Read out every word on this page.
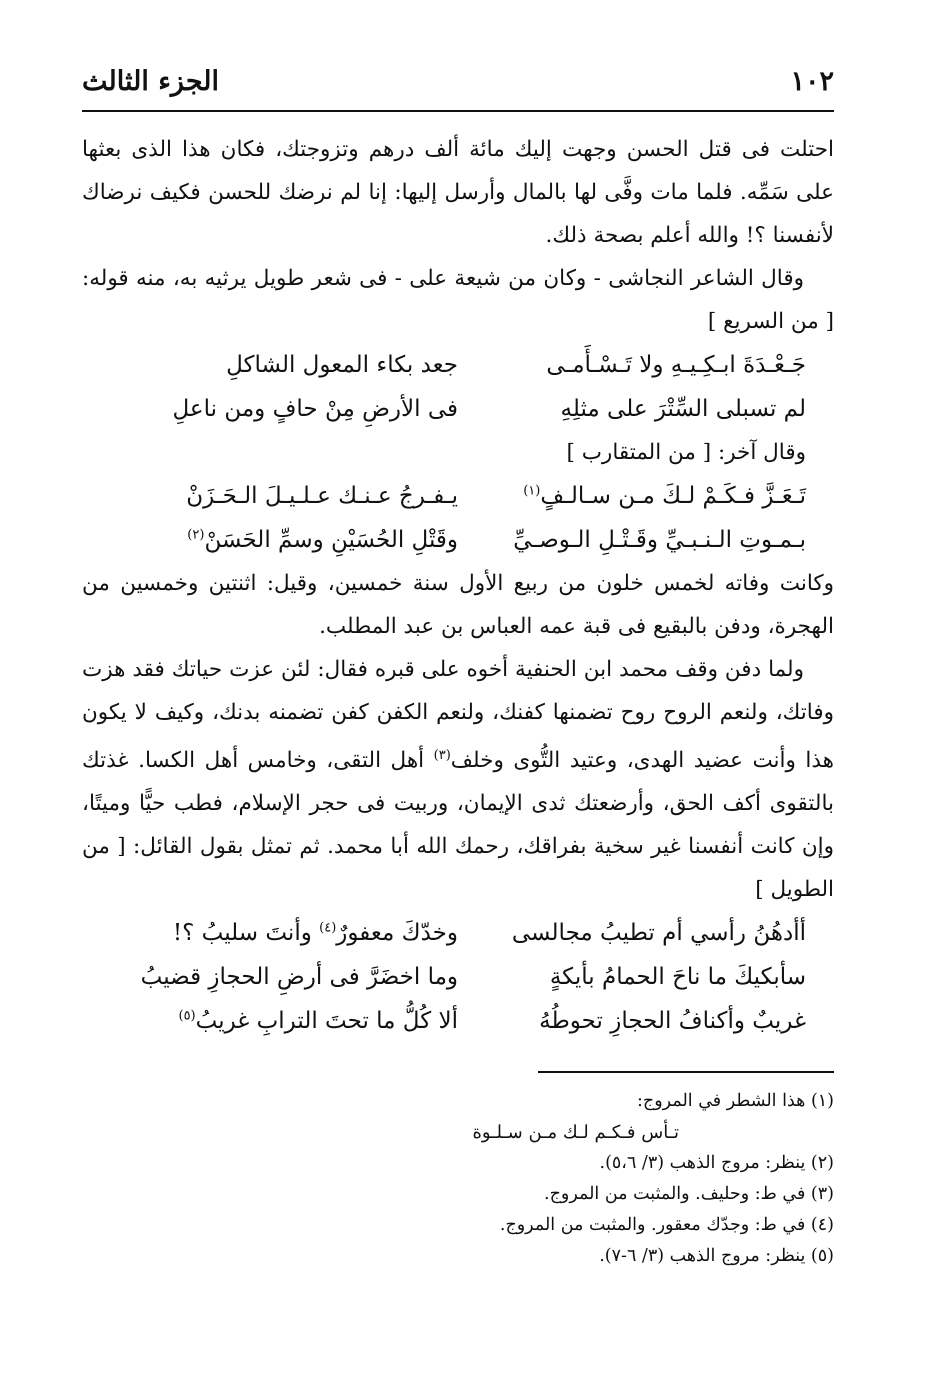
١٠٢
الجزء الثالث

احتلت فى قتل الحسن وجهت إليك مائة ألف درهم وتزوجتك، فكان هذا الذى بعثها على سَمِّه. فلما مات وفَّى لها بالمال وأرسل إليها: إنا لم نرضك للحسن فكيف نرضاك لأنفسنا ؟! والله أعلم بصحة ذلك.

وقال الشاعر النجاشى - وكان من شيعة على - فى شعر طويل يرثيه به، منه قوله: [ من السريع ]

جَـعْـدَةَ ابـكِـيـهِ ولا تَـسْـأَمـى
جعد بكاء المعول الشاكلِ
لم تسبلى السِّتْرَ على مثلِهِ
فى الأرضِ مِنْ حافٍ ومن ناعلِ
وقال آخر: [ من المتقارب ]
تَـعَـزَّ فـكَـمْ لـكَ مـن سـالـفٍ$^{(١)}$
يـفـرجُ عـنـك عـلـيـلَ الـحَـزَنْ
بـمـوتِ الـنـبـيِّ وقَـتْـلِ الـوصـيِّ
وقَتْلِ الحُسَيْنِ وسمِّ الحَسَنْ$^{(٢)}$

وكانت وفاته لخمس خلون من ربيع الأول سنة خمسين، وقيل: اثنتين وخمسين من الهجرة، ودفن بالبقيع فى قبة عمه العباس بن عبد المطلب.

ولما دفن وقف محمد ابن الحنفية أخوه على قبره فقال: لئن عزت حياتك فقد هزت وفاتك، ولنعم الروح روح تضمنها كفنك، ولنعم الكفن كفن تضمنه بدنك، وكيف لا يكون هذا وأنت عضيد الهدى، وعتيد التُّوى وخلف$^{(٣)}$ أهل التقى، وخامس أهل الكسا. غذتك بالتقوى أكف الحق، وأرضعتك ثدى الإيمان، وربيت فى حجر الإسلام، فطب حيًّا وميتًا، وإن كانت أنفسنا غير سخية بفراقك، رحمك الله أبا محمد. ثم تمثل بقول القائل: [ من الطويل ]

أأدهُنُ رأسي أم تطيبُ مجالسى
وخدّكَ معفورٌ$^{(٤)}$ وأنتَ سليبُ ؟!
سأبكيكَ ما ناحَ الحمامُ بأيكةٍ
وما اخضَرَّ فى أرضِ الحجازِ قضيبُ
غريبٌ وأكنافُ الحجازِ تحوطُهُ
ألا كُلُّ ما تحتَ الترابِ غريبُ$^{(٥)}$
(١) هذا الشطر في المروج:
تـأس فـكـم لـك مـن سـلـوة
(٢) ينظر: مروج الذهب (٣/ ٥،٦).
(٣) في ط: وحليف. والمثبت من المروج.
(٤) في ط: وجدّك معقور. والمثبت من المروج.
(٥) ينظر: مروج الذهب (٣/ ٦-٧).
